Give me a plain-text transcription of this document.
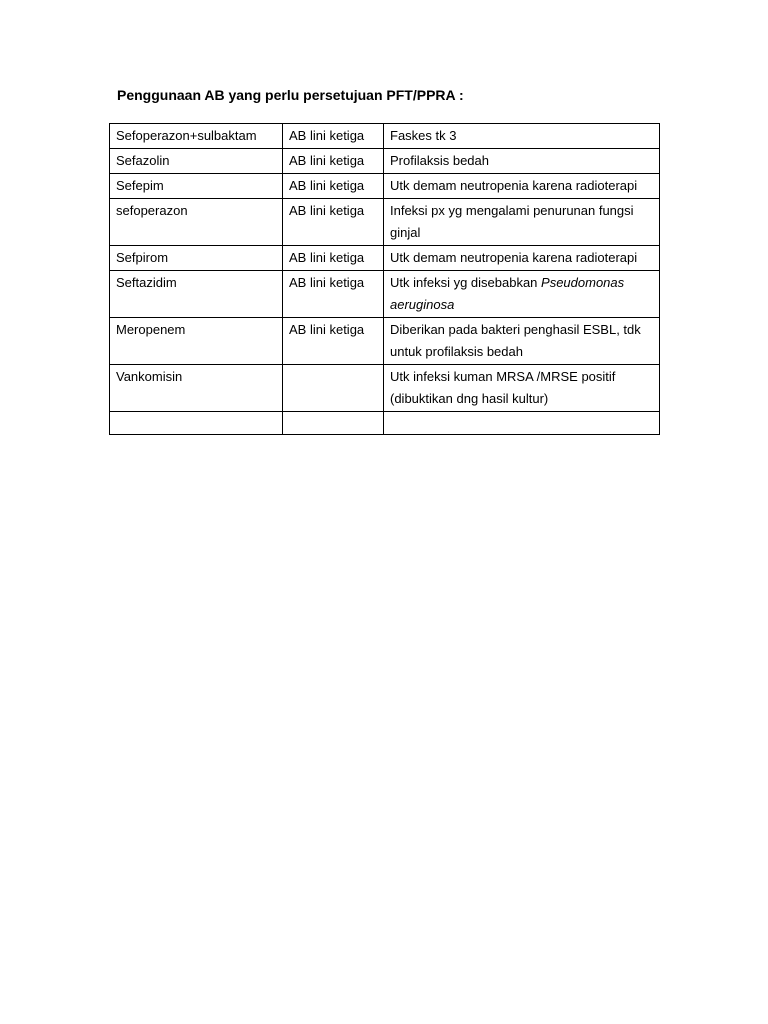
Penggunaan AB yang perlu persetujuan PFT/PPRA :
Sefoperazon+sulbaktam	AB lini ketiga	Faskes tk 3
Sefazolin	AB lini ketiga	Profilaksis bedah
Sefepim	AB lini ketiga	Utk demam neutropenia karena radioterapi
sefoperazon	AB lini ketiga	Infeksi px yg mengalami penurunan fungsi ginjal
Sefpirom	AB lini ketiga	Utk demam neutropenia karena radioterapi
Seftazidim	AB lini ketiga	Utk infeksi yg disebabkan Pseudomonas aeruginosa
Meropenem	AB lini ketiga	Diberikan pada bakteri penghasil ESBL, tdk untuk profilaksis bedah
Vankomisin		Utk infeksi kuman MRSA /MRSE positif (dibuktikan dng hasil kultur)
